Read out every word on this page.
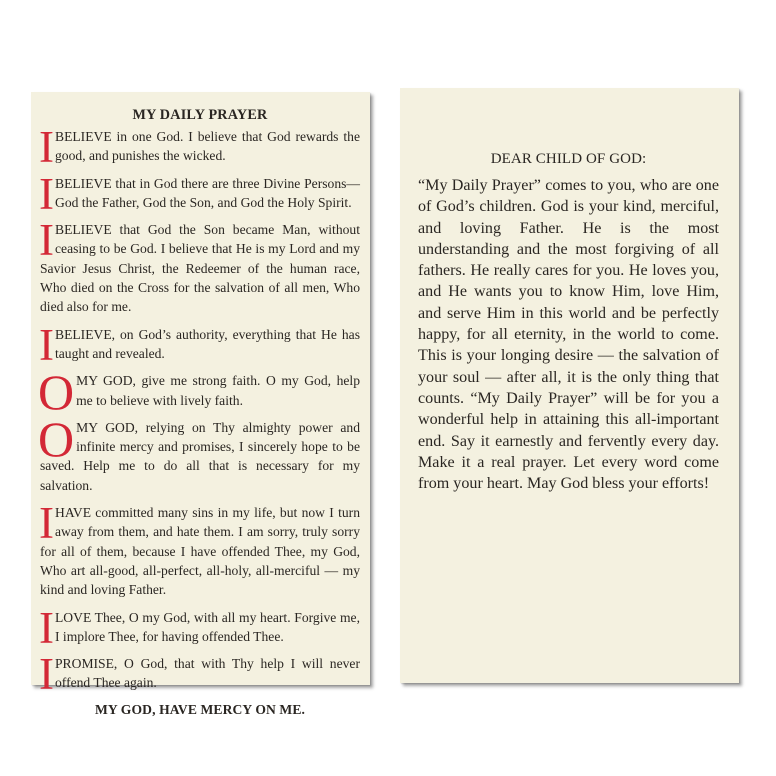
MY DAILY PRAYER

IBELIEVE in one God. I believe that God rewards the good, and punishes the wicked.

IBELIEVE that in God there are three Divine Persons—God the Father, God the Son, and God the Holy Spirit.

IBELIEVE that God the Son became Man, without ceasing to be God. I believe that He is my Lord and my Savior Jesus Christ, the Redeemer of the human race, Who died on the Cross for the salvation of all men, Who died also for me.

IBELIEVE, on God’s authority, everything that He has taught and revealed.

OMY GOD, give me strong faith. O my God, help me to believe with lively faith.

OMY GOD, relying on Thy almighty power and infinite mercy and promises, I sincerely hope to be saved. Help me to do all that is necessary for my salvation.

IHAVE committed many sins in my life, but now I turn away from them, and hate them. I am sorry, truly sorry for all of them, because I have offended Thee, my God, Who art all-good, all-perfect, all-holy, all-merciful — my kind and loving Father.

ILOVE Thee, O my God, with all my heart. Forgive me, I implore Thee, for having offended Thee.

IPROMISE, O God, that with Thy help I will never offend Thee again.

MY GOD, HAVE MERCY ON ME.
DEAR CHILD OF GOD:

“My Daily Prayer” comes to you, who are one of God’s children. God is your kind, merciful, and loving Father. He is the most understanding and the most forgiving of all fathers. He really cares for you. He loves you, and He wants you to know Him, love Him, and serve Him in this world and be perfectly happy, for all eternity, in the world to come. This is your longing desire — the salvation of your soul — after all, it is the only thing that counts. “My Daily Prayer” will be for you a wonderful help in attaining this all-important end. Say it earnestly and fervently every day. Make it a real prayer. Let every word come from your heart. May God bless your efforts!
